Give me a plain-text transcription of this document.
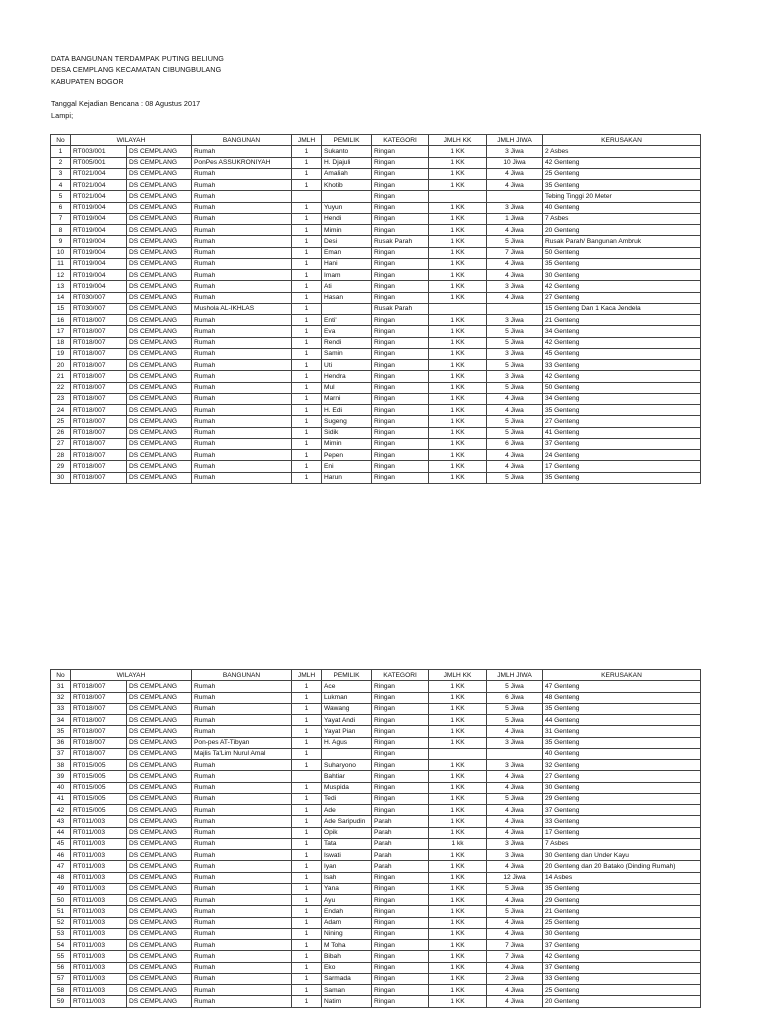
DATA BANGUNAN TERDAMPAK PUTING BELIUNG
DESA CEMPLANG KECAMATAN CIBUNGBULANG
KABUPATEN BOGOR
Tanggal Kejadian Bencana : 08 Agustus 2017
Lampi;
No	WILAYAH		BANGUNAN	JMLH	PEMILIK	KATEGORI	JMLH KK	JMLH JIWA	KERUSAKAN
1	RT003/001	DS CEMPLANG	Rumah	1	Sukanto	Ringan	1 KK	3 Jiwa	2 Asbes
2	RT005/001	DS CEMPLANG	PonPes ASSUKRONIYAH	1	H. Djajuli	Ringan	1 KK	10 Jiwa	42 Genteng
3	RT021/004	DS CEMPLANG	Rumah	1	Amaliah	Ringan	1 KK	4 Jiwa	25 Genteng
4	RT021/004	DS CEMPLANG	Rumah	1	Khotib	Ringan	1 KK	4 Jiwa	35 Genteng
5	RT021/004	DS CEMPLANG	Rumah			Ringan			Tebing Tinggi 20 Meter
6	RT019/004	DS CEMPLANG	Rumah	1	Yuyun	Ringan	1 KK	3 Jiwa	40 Genteng
7	RT019/004	DS CEMPLANG	Rumah	1	Hendi	Ringan	1 KK	1 Jiwa	7 Asbes
8	RT019/004	DS CEMPLANG	Rumah	1	Mimin	Ringan	1 KK	4 Jiwa	20 Genteng
9	RT019/004	DS CEMPLANG	Rumah	1	Desi	Rusak Parah	1 KK	5 Jiwa	Rusak Parah/ Bangunan Ambruk
10	RT019/004	DS CEMPLANG	Rumah	1	Eman	Ringan	1 KK	7 Jiwa	50 Genteng
11	RT019/004	DS CEMPLANG	Rumah	1	Hani	Ringan	1 KK	4 Jiwa	35 Genteng
12	RT019/004	DS CEMPLANG	Rumah	1	Imam	Ringan	1 KK	4 Jiwa	30 Genteng
13	RT019/004	DS CEMPLANG	Rumah	1	Ati	Ringan	1 KK	3 Jiwa	42 Genteng
14	RT030/007	DS CEMPLANG	Rumah	1	Hasan	Ringan	1 KK	4 Jiwa	27 Genteng
15	RT030/007	DS CEMPLANG	Mushola AL-IKHLAS	1		Rusak Parah			15 Genteng Dan 1 Kaca Jendela
16	RT018/007	DS CEMPLANG	Rumah	1	Enti'	Ringan	1 KK	3 Jiwa	21 Genteng
17	RT018/007	DS CEMPLANG	Rumah	1	Eva	Ringan	1 KK	5 Jiwa	34 Genteng
18	RT018/007	DS CEMPLANG	Rumah	1	Rendi	Ringan	1 KK	5 Jiwa	42 Genteng
19	RT018/007	DS CEMPLANG	Rumah	1	Samin	Ringan	1 KK	3 Jiwa	45 Genteng
20	RT018/007	DS CEMPLANG	Rumah	1	Uti	Ringan	1 KK	5 Jiwa	33 Genteng
21	RT018/007	DS CEMPLANG	Rumah	1	Hendra	Ringan	1 KK	3 Jiwa	42 Genteng
22	RT018/007	DS CEMPLANG	Rumah	1	Mul	Ringan	1 KK	5 Jiwa	50 Genteng
23	RT018/007	DS CEMPLANG	Rumah	1	Marni	Ringan	1 KK	4 Jiwa	34 Genteng
24	RT018/007	DS CEMPLANG	Rumah	1	H. Edi	Ringan	1 KK	4 Jiwa	35 Genteng
25	RT018/007	DS CEMPLANG	Rumah	1	Sugeng	Ringan	1 KK	5 Jiwa	27 Genteng
26	RT018/007	DS CEMPLANG	Rumah	1	Sidik	Ringan	1 KK	5 Jiwa	41 Genteng
27	RT018/007	DS CEMPLANG	Rumah	1	Mimin	Ringan	1 KK	6 Jiwa	37 Genteng
28	RT018/007	DS CEMPLANG	Rumah	1	Pepen	Ringan	1 KK	4 Jiwa	24 Genteng
29	RT018/007	DS CEMPLANG	Rumah	1	Eni	Ringan	1 KK	4 Jiwa	17 Genteng
30	RT018/007	DS CEMPLANG	Rumah	1	Harun	Ringan	1 KK	5 Jiwa	35 Genteng
No	WILAYAH		BANGUNAN	JMLH	PEMILIK	KATEGORI	JMLH KK	JMLH JIWA	KERUSAKAN
31	RT018/007	DS CEMPLANG	Rumah	1	Ace	Ringan	1 KK	5 Jiwa	47 Genteng
32	RT018/007	DS CEMPLANG	Rumah	1	Lukman	Ringan	1 KK	6 Jiwa	48 Genteng
33	RT018/007	DS CEMPLANG	Rumah	1	Wawang	Ringan	1 KK	5 Jiwa	35 Genteng
34	RT018/007	DS CEMPLANG	Rumah	1	Yayat Andi	Ringan	1 KK	5 Jiwa	44 Genteng
35	RT018/007	DS CEMPLANG	Rumah	1	Yayat Pian	Ringan	1 KK	4 Jiwa	31 Genteng
36	RT018/007	DS CEMPLANG	Pon-pes AT-Tibyan	1	H. Agus	Ringan	1 KK	3 Jiwa	35 Genteng
37	RT018/007	DS CEMPLANG	Majlis Ta'Lim Nurul Amal	1		Ringan			40 Genteng
38	RT015/005	DS CEMPLANG	Rumah	1	Suharyono	Ringan	1 KK	3 Jiwa	32 Genteng
39	RT015/005	DS CEMPLANG	Rumah		Bahtiar	Ringan	1 KK	4 Jiwa	27 Genteng
40	RT015/005	DS CEMPLANG	Rumah	1	Muspida	Ringan	1 KK	4 Jiwa	30 Genteng
41	RT015/005	DS CEMPLANG	Rumah	1	Tedi	Ringan	1 KK	5 Jiwa	29 Genteng
42	RT015/005	DS CEMPLANG	Rumah	1	Ade	Ringan	1 KK	4 Jiwa	37 Genteng
43	RT011/003	DS CEMPLANG	Rumah	1	Ade Saripudin	Parah	1 KK	4 Jiwa	33 Genteng
44	RT011/003	DS CEMPLANG	Rumah	1	Opik	Parah	1 KK	4 Jiwa	17 Genteng
45	RT011/003	DS CEMPLANG	Rumah	1	Tata	Parah	1 kk	3 Jiwa	7 Asbes
46	RT011/003	DS CEMPLANG	Rumah	1	Iswati	Parah	1 KK	3 Jiwa	30 Genteng dan Under Kayu
47	RT011/003	DS CEMPLANG	Rumah	1	Iyan	Parah	1 KK	4 Jiwa	20 Genteng dan 20 Batako (Dinding Rumah)
48	RT011/003	DS CEMPLANG	Rumah	1	Isah	Ringan	1 KK	12 Jiwa	14 Asbes
49	RT011/003	DS CEMPLANG	Rumah	1	Yana	Ringan	1 KK	5 Jiwa	35 Genteng
50	RT011/003	DS CEMPLANG	Rumah	1	Ayu	Ringan	1 KK	4 Jiwa	29 Genteng
51	RT011/003	DS CEMPLANG	Rumah	1	Endah	Ringan	1 KK	5 Jiwa	21 Genteng
52	RT011/003	DS CEMPLANG	Rumah	1	Adam	Ringan	1 KK	4 Jiwa	25 Genteng
53	RT011/003	DS CEMPLANG	Rumah	1	Nining	Ringan	1 KK	4 Jiwa	30 Genteng
54	RT011/003	DS CEMPLANG	Rumah	1	M Toha	Ringan	1 KK	7 Jiwa	37 Genteng
55	RT011/003	DS CEMPLANG	Rumah	1	Bibah	Ringan	1 KK	7 Jiwa	42 Genteng
56	RT011/003	DS CEMPLANG	Rumah	1	Eko	Ringan	1 KK	4 Jiwa	37 Genteng
57	RT011/003	DS CEMPLANG	Rumah	1	Sarmada	Ringan	1 KK	2 Jiwa	33 Genteng
58	RT011/003	DS CEMPLANG	Rumah	1	Saman	Ringan	1 KK	4 Jiwa	25 Genteng
59	RT011/003	DS CEMPLANG	Rumah	1	Natim	Ringan	1 KK	4 Jiwa	20 Genteng
